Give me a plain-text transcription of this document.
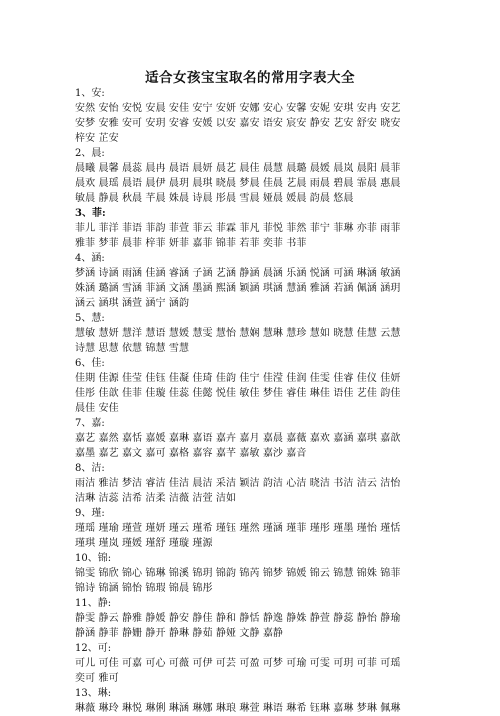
适合女孩宝宝取名的常用字表大全
1、安:
安然 安怡 安悦 安晨 安佳 安宁 安妍 安娜 安心 安馨 安妮 安琪 安冉 安艺
安梦 安雅 安可 安玥 安睿 安媛 以安 嘉安 语安 宸安 静安 艺安 舒安 晓安
梓安 芷安
2、晨:
晨曦 晨馨 晨蕊 晨冉 晨语 晨妍 晨艺 晨佳 晨慧 晨璐 晨媛 晨岚 晨阳 晨菲
晨欢 晨瑶 晨语 晨伊 晨玥 晨琪 晓晨 梦晨 佳晨 艺晨 雨晨 碧晨 霏晨 惠晨
敏晨 静晨 秋晨 芊晨 姝晨 诗晨 彤晨 雪晨 娅晨 媛晨 韵晨 悠晨
3、菲:
菲儿 菲洋 菲语 菲韵 菲萱 菲云 菲霖 菲凡 菲悦 菲然 菲宁 菲琳 亦菲 雨菲
雅菲 梦菲 晨菲 梓菲 妍菲 嘉菲 锦菲 若菲 奕菲 书菲
4、涵:
梦涵 诗涵 雨涵 佳涵 睿涵 子涵 艺涵 静涵 晨涵 乐涵 悦涵 可涵 琳涵 敏涵
姝涵 璐涵 雪涵 菲涵 文涵 墨涵 熙涵 颖涵 琪涵 慧涵 雅涵 若涵 佩涵 涵玥
涵云 涵琪 涵萱 涵宁 涵韵
5、慧:
慧敏 慧妍 慧洋 慧语 慧媛 慧雯 慧怡 慧娴 慧琳 慧珍 慧如 晓慧 佳慧 云慧
诗慧 思慧 依慧 锦慧 雪慧
6、佳:
佳期 佳源 佳莹 佳钰 佳凝 佳琦 佳韵 佳宁 佳滢 佳润 佳雯 佳睿 佳仪 佳妍
佳彤 佳歆 佳菲 佳璇 佳蕊 佳懿 悦佳 敏佳 梦佳 睿佳 琳佳 语佳 艺佳 韵佳
晨佳 安佳
7、嘉:
嘉艺 嘉然 嘉恬 嘉媛 嘉琳 嘉语 嘉卉 嘉月 嘉晨 嘉薇 嘉欢 嘉涵 嘉琪 嘉歆
嘉墨 嘉艺 嘉文 嘉可 嘉格 嘉容 嘉芊 嘉敏 嘉沙 嘉音
8、洁:
雨洁 雅洁 梦洁 睿洁 佳洁 晨洁 采洁 颖洁 韵洁 心洁 晓洁 书洁 洁云 洁怡
洁琳 洁蕊 洁希 洁柔 洁薇 洁萱 洁如
9、瑾:
瑾瑶 瑾瑜 瑾萱 瑾妍 瑾云 瑾希 瑾钰 瑾然 瑾涵 瑾菲 瑾彤 瑾墨 瑾怡 瑾恬
瑾琪 瑾岚 瑾媛 瑾舒 瑾璇 瑾源
10、锦:
锦雯 锦欣 锦心 锦琳 锦溪 锦玥 锦韵 锦芮 锦梦 锦媛 锦云 锦慧 锦姝 锦菲
锦诗 锦涵 锦怡 锦瑕 锦晨 锦彤
11、静:
静雯 静云 静雅 静媛 静安 静佳 静和 静恬 静逸 静姝 静萱 静蕊 静怡 静瑜
静涵 静菲 静姗 静开 静琳 静茹 静娅 文静 嘉静
12、可:
可儿 可佳 可嘉 可心 可薇 可伊 可芸 可盈 可梦 可瑜 可雯 可玥 可菲 可瑶
奕可 雅可
13、琳:
琳薇 琳玲 琳悦 琳俐 琳涵 琳娜 琳琅 琳萱 琳语 琳希 钰琳 嘉琳 梦琳 佩琳
